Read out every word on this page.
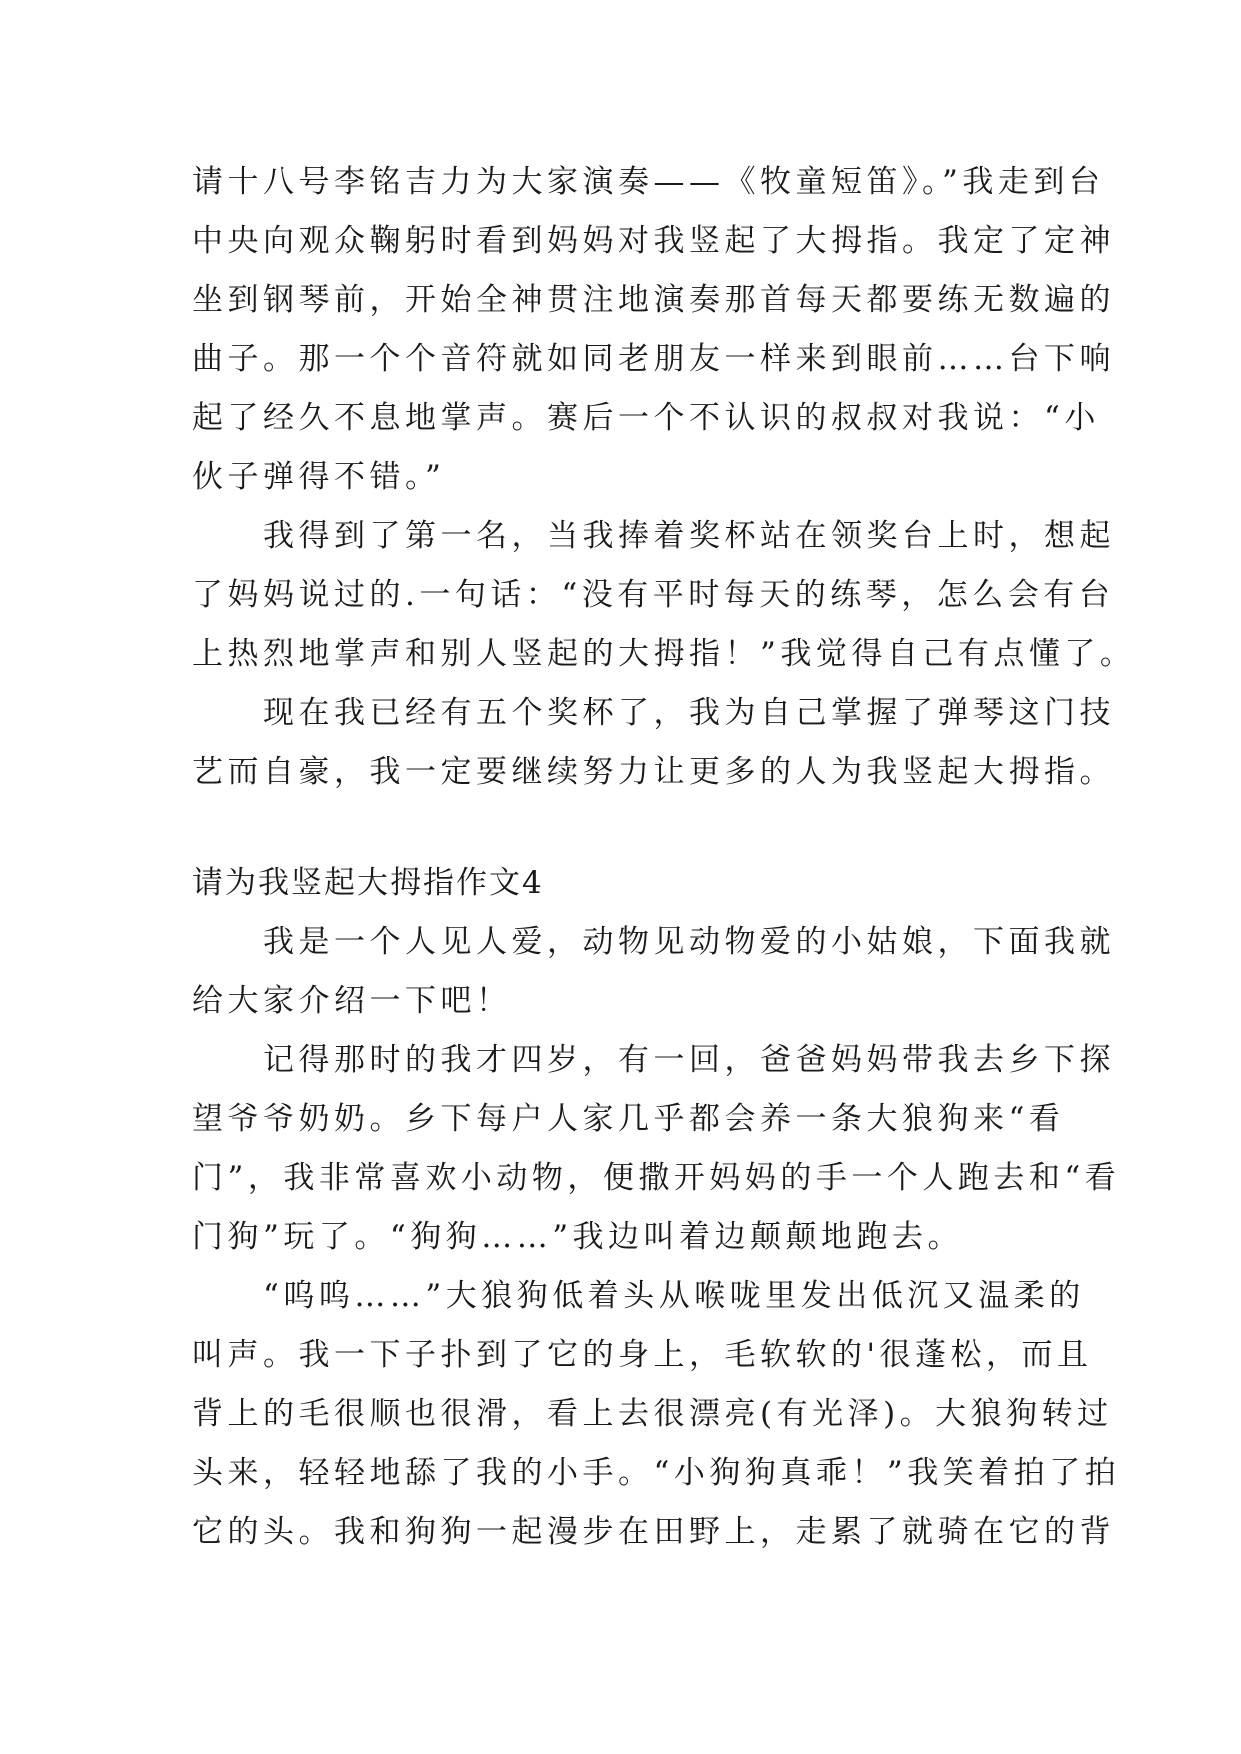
请十八号李铭吉力为大家演奏——《牧童短笛》。”我走到台
中央向观众鞠躬时看到妈妈对我竖起了大拇指。我定了定神
坐到钢琴前，开始全神贯注地演奏那首每天都要练无数遍的
曲子。那一个个音符就如同老朋友一样来到眼前……台下响
起了经久不息地掌声。赛后一个不认识的叔叔对我说：“小
伙子弹得不错。”
　　我得到了第一名，当我捧着奖杯站在领奖台上时，想起
了妈妈说过的.一句话：“没有平时每天的练琴，怎么会有台
上热烈地掌声和别人竖起的大拇指！”我觉得自己有点懂了。
　　现在我已经有五个奖杯了，我为自己掌握了弹琴这门技
艺而自豪，我一定要继续努力让更多的人为我竖起大拇指。
请为我竖起大拇指作文4
　　我是一个人见人爱，动物见动物爱的小姑娘，下面我就
给大家介绍一下吧！
　　记得那时的我才四岁，有一回，爸爸妈妈带我去乡下探
望爷爷奶奶。乡下每户人家几乎都会养一条大狼狗来“看
门”，我非常喜欢小动物，便撒开妈妈的手一个人跑去和“看
门狗”玩了。“狗狗……”我边叫着边颠颠地跑去。
　　“呜呜……”大狼狗低着头从喉咙里发出低沉又温柔的
叫声。我一下子扑到了它的身上，毛软软的'很蓬松，而且
背上的毛很顺也很滑，看上去很漂亮(有光泽)。大狼狗转过
头来，轻轻地舔了我的小手。“小狗狗真乖！”我笑着拍了拍
它的头。我和狗狗一起漫步在田野上，走累了就骑在它的背
